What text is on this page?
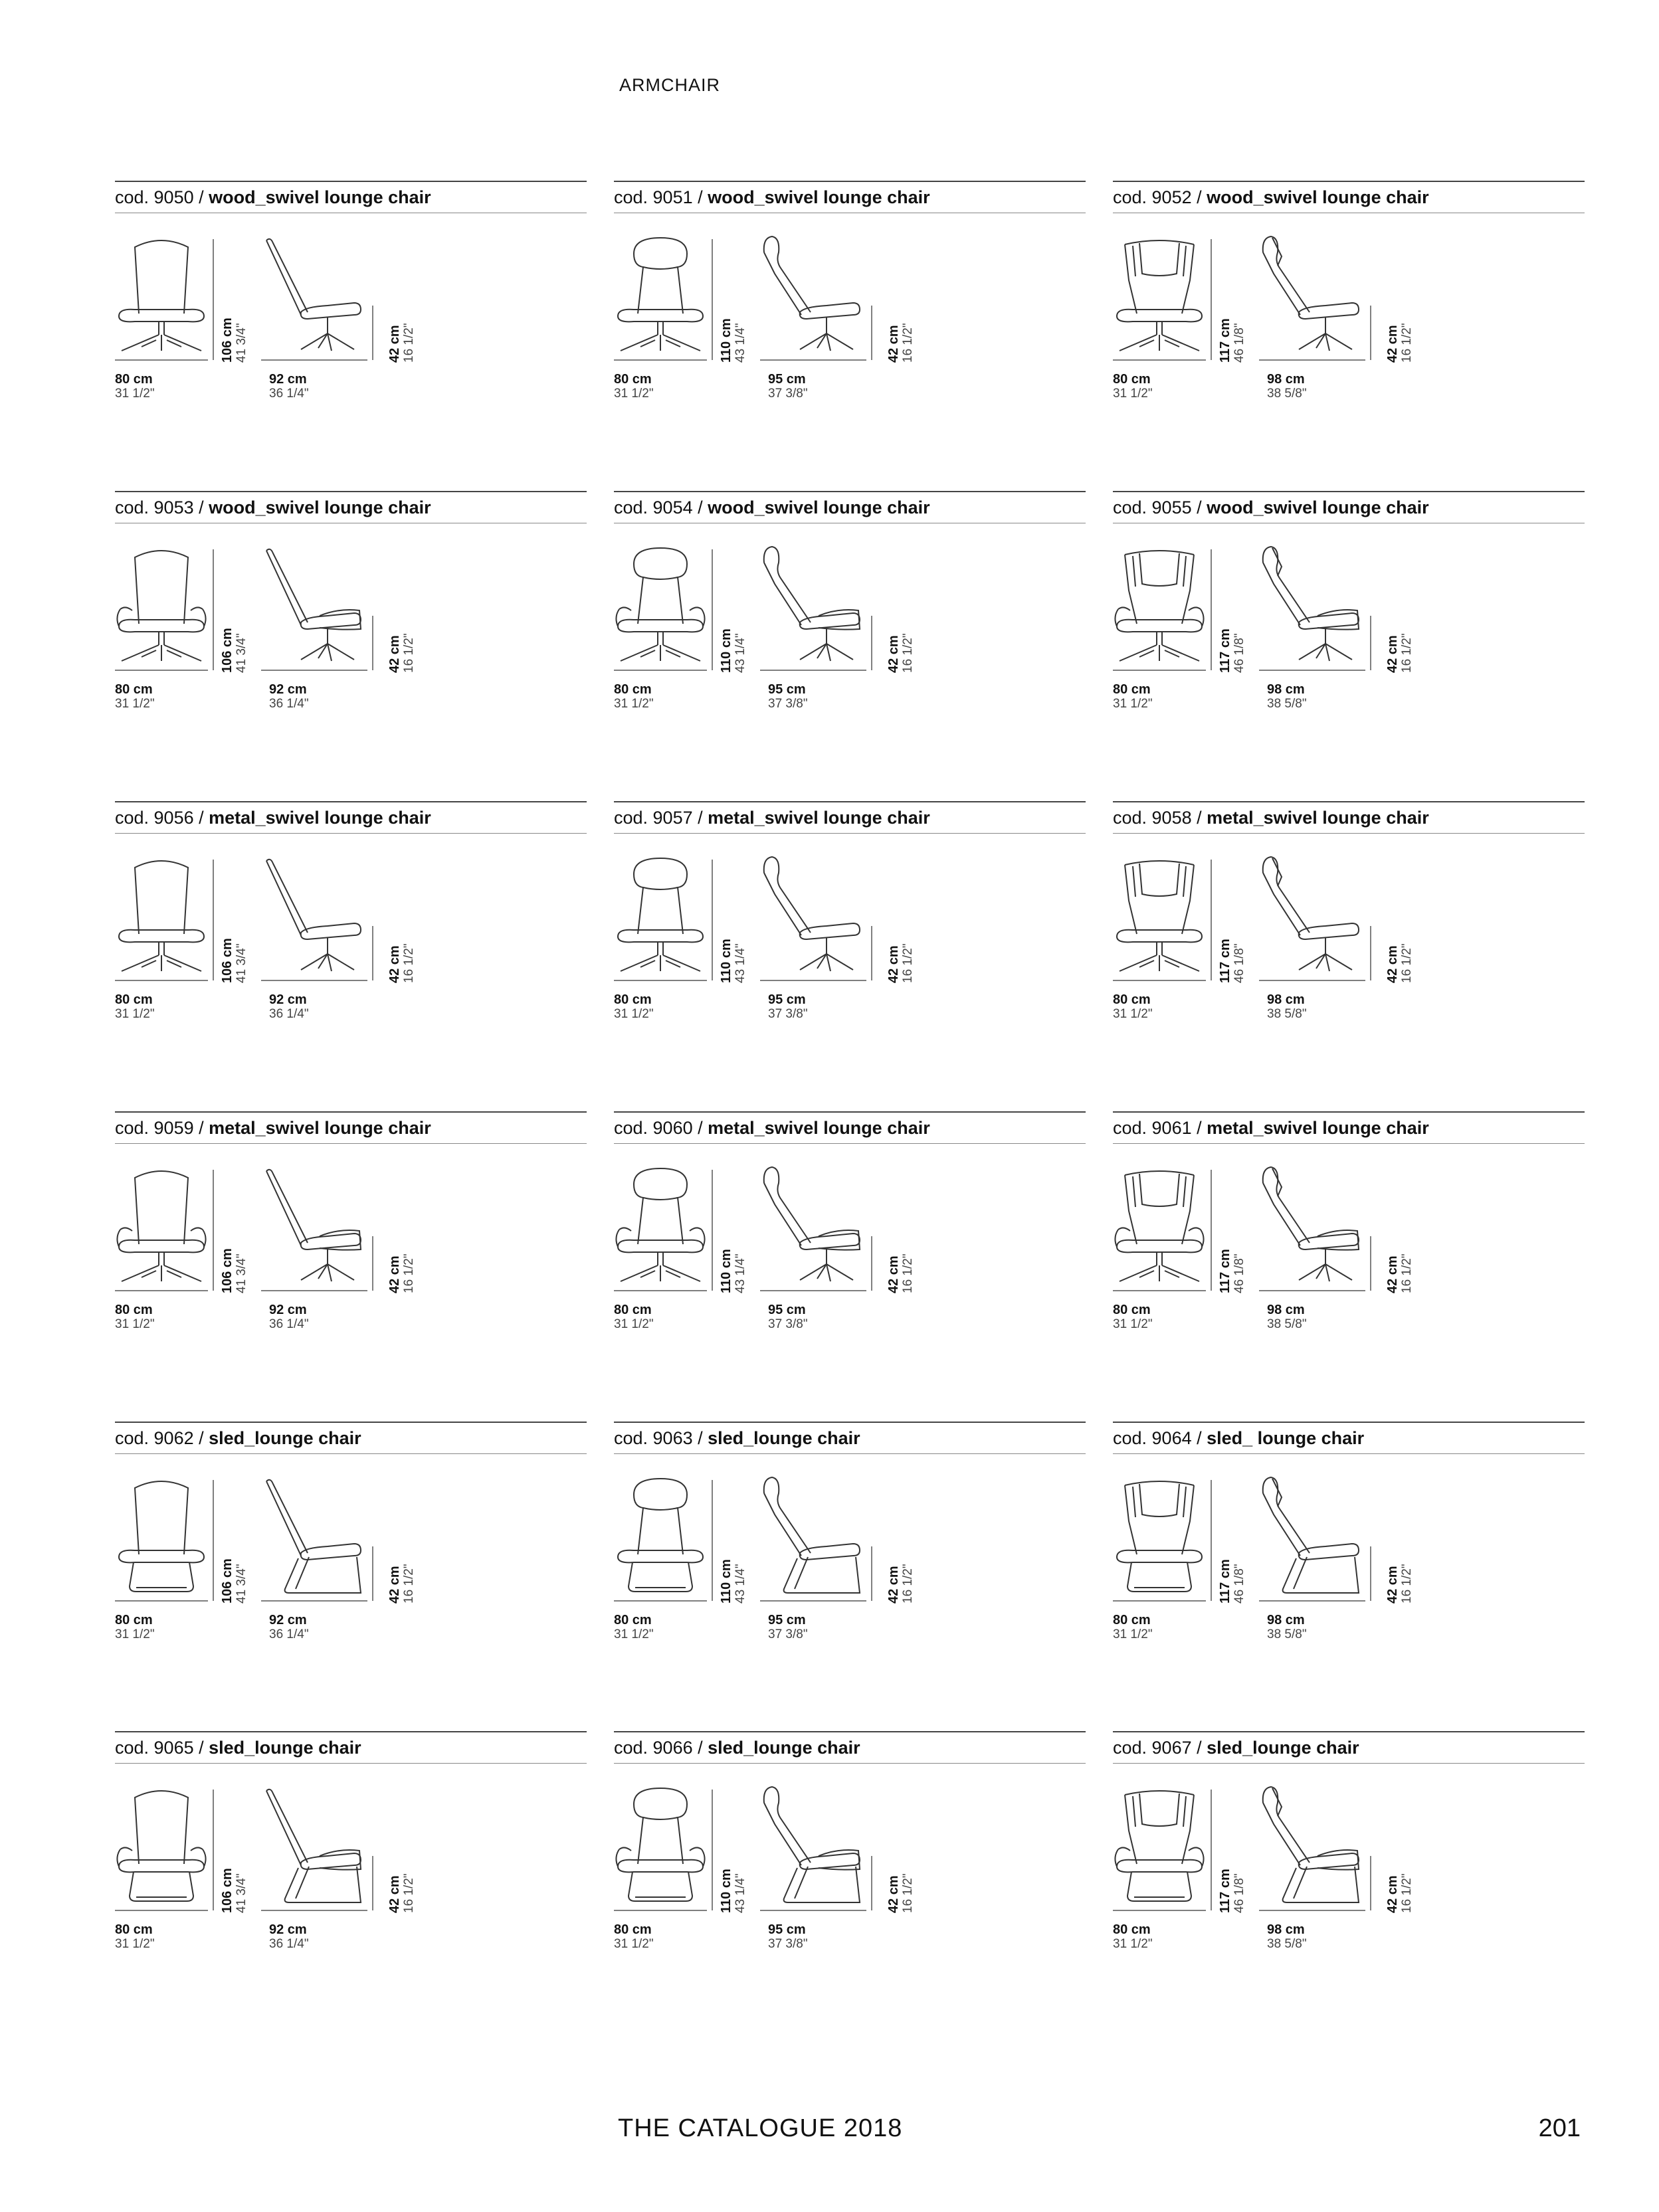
ARMCHAIR
cod. 9050 / wood_swivel lounge chair
80 cm
31 1/2"
92 cm
36 1/4"
106 cm 41 3/4"	42 cm 16 1/2"
cod. 9051 / wood_swivel lounge chair
80 cm
31 1/2"
95 cm
37 3/8"
110 cm 43 1/4"	42 cm 16 1/2"
cod. 9052 / wood_swivel lounge chair
80 cm
31 1/2"
98 cm
38 5/8"
117 cm 46 1/8"	42 cm 16 1/2"
cod. 9053 / wood_swivel lounge chair
80 cm
31 1/2"
92 cm
36 1/4"
106 cm 41 3/4"	42 cm 16 1/2"
cod. 9054 / wood_swivel lounge chair
80 cm
31 1/2"
95 cm
37 3/8"
110 cm 43 1/4"	42 cm 16 1/2"
cod. 9055 / wood_swivel lounge chair
80 cm
31 1/2"
98 cm
38 5/8"
117 cm 46 1/8"	42 cm 16 1/2"
cod. 9056 / metal_swivel lounge chair
80 cm
31 1/2"
92 cm
36 1/4"
106 cm 41 3/4"	42 cm 16 1/2"
cod. 9057 / metal_swivel lounge chair
80 cm
31 1/2"
95 cm
37 3/8"
110 cm 43 1/4"	42 cm 16 1/2"
cod. 9058 / metal_swivel lounge chair
80 cm
31 1/2"
98 cm
38 5/8"
117 cm 46 1/8"	42 cm 16 1/2"
cod. 9059 / metal_swivel lounge chair
80 cm
31 1/2"
92 cm
36 1/4"
106 cm 41 3/4"	42 cm 16 1/2"
cod. 9060 / metal_swivel lounge chair
80 cm
31 1/2"
95 cm
37 3/8"
110 cm 43 1/4"	42 cm 16 1/2"
cod. 9061 / metal_swivel lounge chair
80 cm
31 1/2"
98 cm
38 5/8"
117 cm 46 1/8"	42 cm 16 1/2"
cod. 9062 / sled_lounge chair
80 cm
31 1/2"
92 cm
36 1/4"
106 cm 41 3/4"	42 cm 16 1/2"
cod. 9063 / sled_lounge chair
80 cm
31 1/2"
95 cm
37 3/8"
110 cm 43 1/4"	42 cm 16 1/2"
cod. 9064 / sled_ lounge chair
80 cm
31 1/2"
98 cm
38 5/8"
117 cm 46 1/8"	42 cm 16 1/2"
cod. 9065 / sled_lounge chair
80 cm
31 1/2"
92 cm
36 1/4"
106 cm 41 3/4"	42 cm 16 1/2"
cod. 9066 / sled_lounge chair
80 cm
31 1/2"
95 cm
37 3/8"
110 cm 43 1/4"	42 cm 16 1/2"
cod. 9067 / sled_lounge chair
80 cm
31 1/2"
98 cm
38 5/8"
117 cm 46 1/8"	42 cm 16 1/2"
THE CATALOGUE 2018	201
